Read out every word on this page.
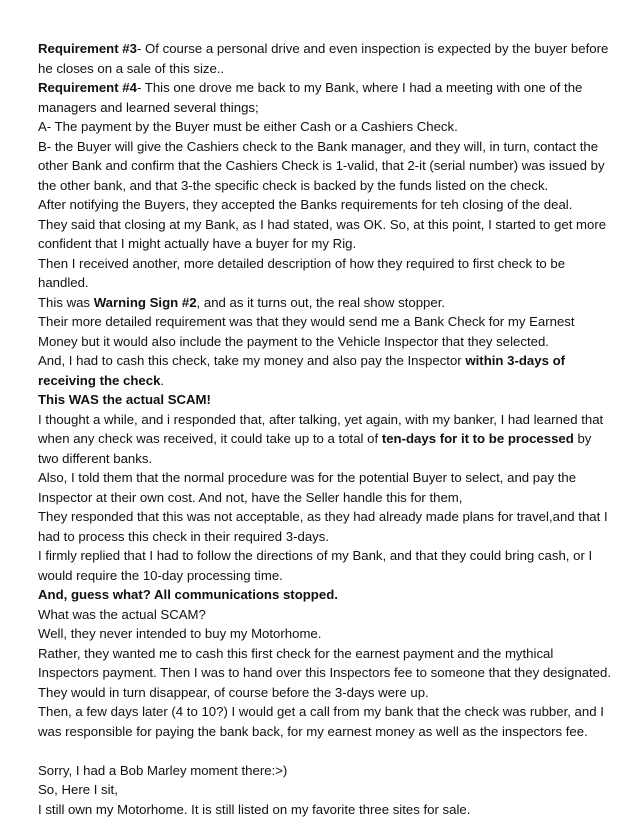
Requirement #3- Of course a personal drive and even inspection is expected by the buyer before he closes on a sale of this size..

Requirement #4- This one drove me back to my Bank, where I had a meeting with one of the managers and learned several things;

A- The payment by the Buyer must be either Cash or a Cashiers Check.

B- the Buyer will give the Cashiers check to the Bank manager, and they will, in turn, contact the other Bank and confirm that the Cashiers Check is 1-valid, that 2-it (serial number) was issued by the other bank, and that 3-the specific check is backed by the funds listed on the check.

After notifying the Buyers, they accepted the Banks requirements for teh closing of the deal.

They said that closing at my Bank, as I had stated, was OK. So, at this point, I started to get more confident that I might actually have a buyer for my Rig.

Then I received another, more detailed description of how they required to first check to be handled.

This was Warning Sign #2, and as it turns out, the real show stopper.

Their more detailed requirement was that they would send me a Bank Check for my Earnest Money but it would also include the payment to the Vehicle Inspector that they selected.

And, I had to cash this check, take my money and also pay the Inspector within 3-days of receiving the check.

This WAS the actual SCAM!

I thought a while, and i responded that, after talking, yet again, with my banker, I had learned that when any check was received, it could take up to a total of ten-days for it to be processed by two different banks.

Also, I told them that the normal procedure was for the potential Buyer to select, and pay the Inspector at their own cost. And not, have the Seller handle this for them,

They responded that this was not acceptable, as they had already made plans for travel,and that I had to process this check in their required 3-days.

I firmly replied that I had to follow the directions of my Bank, and that they could bring cash, or I would require the 10-day processing time.

And, guess what? All communications stopped.

What was the actual SCAM?

Well, they never intended to buy my Motorhome.

Rather, they wanted me to cash this first check for the earnest payment and the mythical Inspectors payment. Then I was to hand over this Inspectors fee to someone that they designated.

They would in turn disappear, of course before the 3-days were up.

Then, a few days later (4 to 10?) I would get a call from my bank that the check was rubber, and I was responsible for paying the bank back, for my earnest money as well as the inspectors fee.

Sorry, I had a Bob Marley moment there:>)

So, Here I sit,

I still own my Motorhome. It is still listed on my favorite three sites for sale.
